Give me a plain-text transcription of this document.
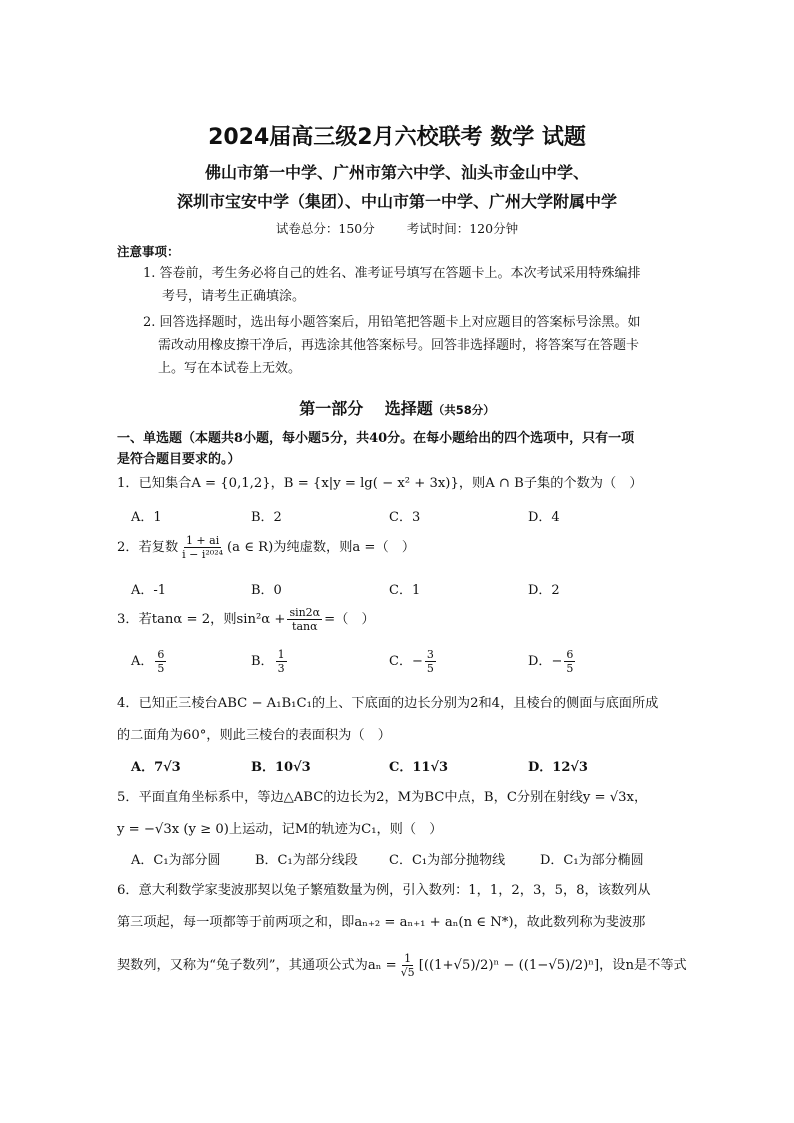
2024届高三级2月六校联考 数学 试题
佛山市第一中学、广州市第六中学、汕头市金山中学、
深圳市宝安中学（集团）、中山市第一中学、广州大学附属中学
试卷总分：150分	考试时间：120分钟
注意事项：
1. 答卷前，考生务必将自己的姓名、准考证号填写在答题卡上。本次考试采用特殊编排
考号，请考生正确填涂。
2. 回答选择题时，选出每小题答案后，用铅笔把答题卡上对应题目的答案标号涂黑。如
需改动用橡皮擦干净后，再选涂其他答案标号。回答非选择题时，将答案写在答题卡
上。写在本试卷上无效。
第一部分　 选择题（共58分）
一、单选题（本题共8小题，每小题5分，共40分。在每小题给出的四个选项中，只有一项
是符合题目要求的。）
1．已知集合A = {0,1,2}，B = {x|y = lg( − x² + 3x)}，则A ∩ B子集的个数为（　）
A．1	B．2	C．3	D．4
2．若复数 $\frac{1 + ai}{\text{i − i²⁰²⁴}} (a$ ∈ R)为纯虚数，则a =（　）
A．-1	B．0	C．1	D．2
3．若tanα = 2，则$\sin^2\alpha + \frac{\sin 2\alpha}{\tan\alpha}$ =（　）
A． $\frac{6}{5}$	B． $\frac{1}{3}$	C．− $\frac{3}{5}$	D．− $\frac{6}{5}$
4．已知正三棱台ABC − A₁B₁C₁的上、下底面的边长分别为2和4，且棱台的侧面与底面所成
的二面角为60°，则此三棱台的表面积为（　）
A．7√3	B．10√3	C．11√3	D．12√3
5．平面直角坐标系中，等边△ABC的边长为2，M为BC中点，B，C分别在射线y = √3x，
y = −√3x (y ≥ 0)上运动，记M的轨迹为C₁，则（　）
A．C₁为部分圆	B．C₁为部分线段 C．C₁为部分抛物线	D．C₁为部分椭圆
6．意大利数学家斐波那契以兔子繁殖数量为例，引入数列：1，1，2，3，5，8，该数列从
第三项起，每一项都等于前两项之和，即aₙ₊₂ = aₙ₊₁ + aₙ(n ∈ N*)，故此数列称为斐波那
契数列，又称为“兔子数列”，其通项公式为$a_n = \frac{1}{√5} [((1+√5)/2)^n - ((1-√5)/2)^n]$，设n是不等式
